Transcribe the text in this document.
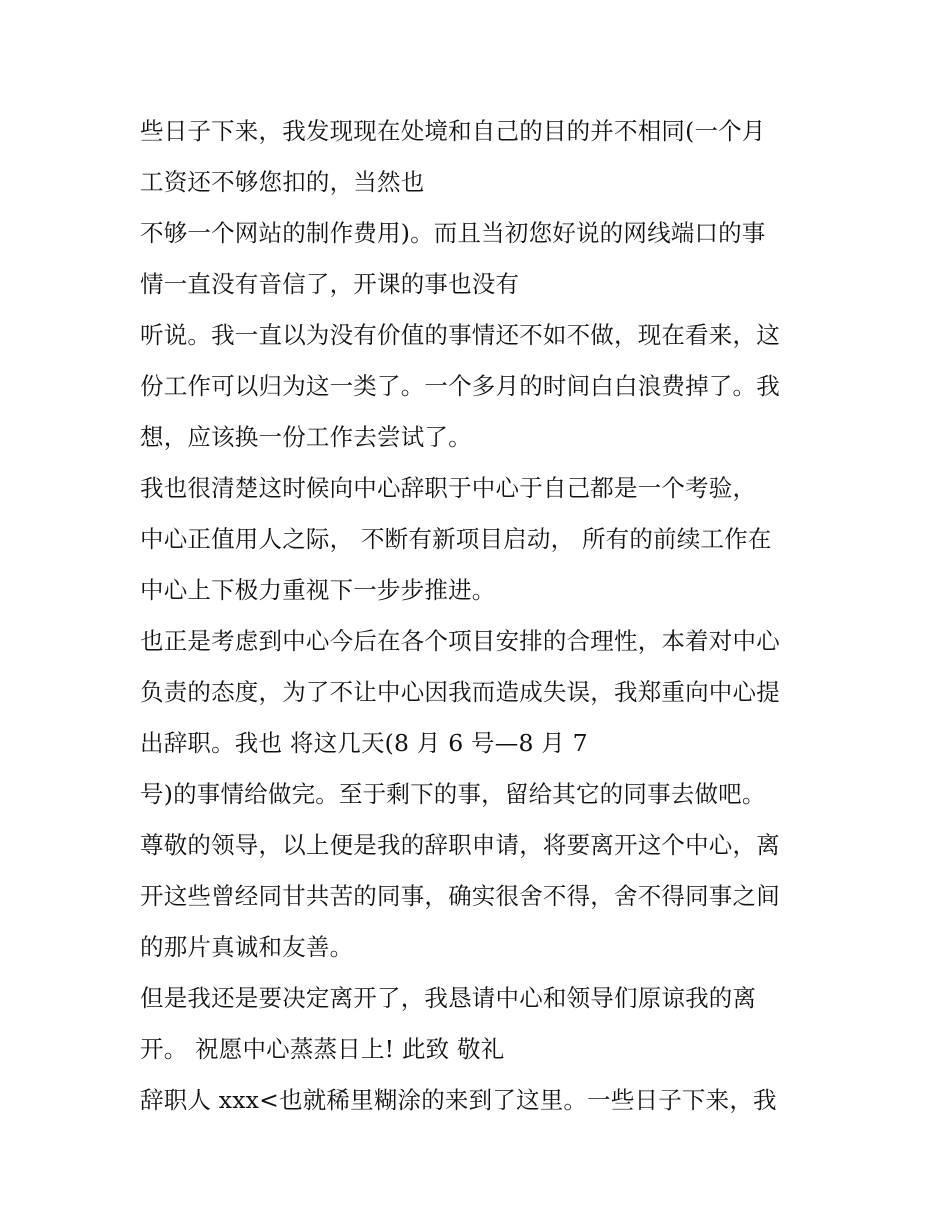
些日子下来，我发现现在处境和自己的目的并不相同(一个月
工资还不够您扣的，当然也
不够一个网站的制作费用)。而且当初您好说的网线端口的事
情一直没有音信了，开课的事也没有
听说。我一直以为没有价值的事情还不如不做，现在看来，这
份工作可以归为这一类了。一个多月的时间白白浪费掉了。我
想，应该换一份工作去尝试了。
我也很清楚这时候向中心辞职于中心于自己都是一个考验，
中心正值用人之际， 不断有新项目启动， 所有的前续工作在
中心上下极力重视下一步步推进。
也正是考虑到中心今后在各个项目安排的合理性，本着对中心
负责的态度，为了不让中心因我而造成失误，我郑重向中心提
出辞职。我也 将这几天(8 月 6 号—8 月 7
号)的事情给做完。至于剩下的事，留给其它的同事去做吧。
尊敬的领导，以上便是我的辞职申请，将要离开这个中心，离
开这些曾经同甘共苦的同事，确实很舍不得，舍不得同事之间
的那片真诚和友善。
但是我还是要决定离开了，我恳请中心和领导们原谅我的离
开。 祝愿中心蒸蒸日上! 此致 敬礼
辞职人 xxx<也就稀里糊涂的来到了这里。一些日子下来，我
